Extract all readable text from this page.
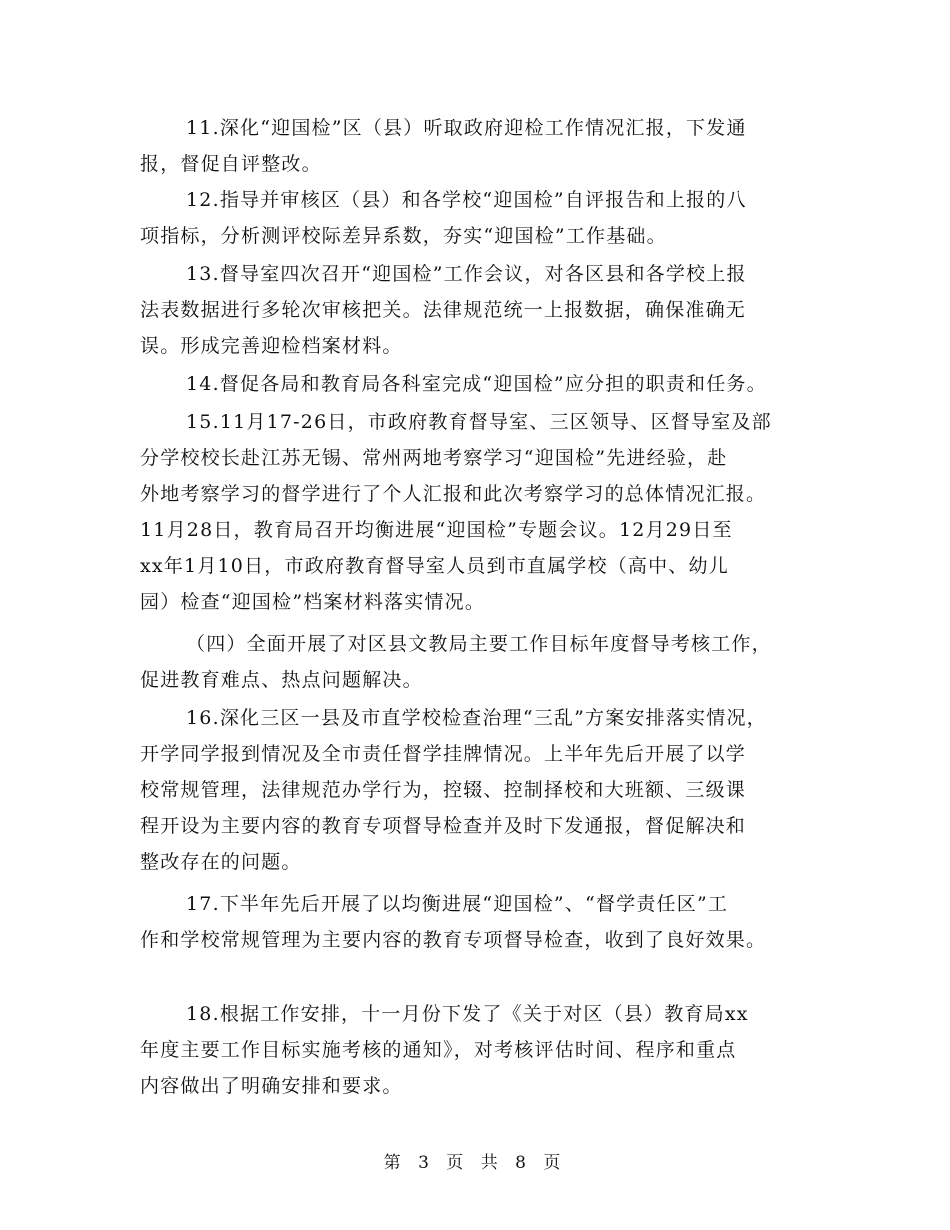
11.深化“迎国检”区（县）听取政府迎检工作情况汇报，下发通
报，督促自评整改。

12.指导并审核区（县）和各学校“迎国检”自评报告和上报的八
项指标，分析测评校际差异系数，夯实“迎国检”工作基础。

13.督导室四次召开“迎国检”工作会议，对各区县和各学校上报
法表数据进行多轮次审核把关。法律规范统一上报数据，确保准确无
误。形成完善迎检档案材料。

14.督促各局和教育局各科室完成“迎国检”应分担的职责和任务。

15.11月17-26日，市政府教育督导室、三区领导、区督导室及部
分学校校长赴江苏无锡、常州两地考察学习“迎国检”先进经验，赴
外地考察学习的督学进行了个人汇报和此次考察学习的总体情况汇报。
11月28日，教育局召开均衡进展“迎国检”专题会议。12月29日至
xx年1月10日，市政府教育督导室人员到市直属学校（高中、幼儿
园）检查“迎国检”档案材料落实情况。

（四）全面开展了对区县文教局主要工作目标年度督导考核工作，
促进教育难点、热点问题解决。

16.深化三区一县及市直学校检查治理“三乱”方案安排落实情况，
开学同学报到情况及全市责任督学挂牌情况。上半年先后开展了以学
校常规管理，法律规范办学行为，控辍、控制择校和大班额、三级课
程开设为主要内容的教育专项督导检查并及时下发通报，督促解决和
整改存在的问题。

17.下半年先后开展了以均衡进展“迎国检”、“督学责任区”工
作和学校常规管理为主要内容的教育专项督导检查，收到了良好效果。

18.根据工作安排，十一月份下发了《关于对区（县）教育局xx
年度主要工作目标实施考核的通知》，对考核评估时间、程序和重点
内容做出了明确安排和要求。

第 3 页 共 8 页
